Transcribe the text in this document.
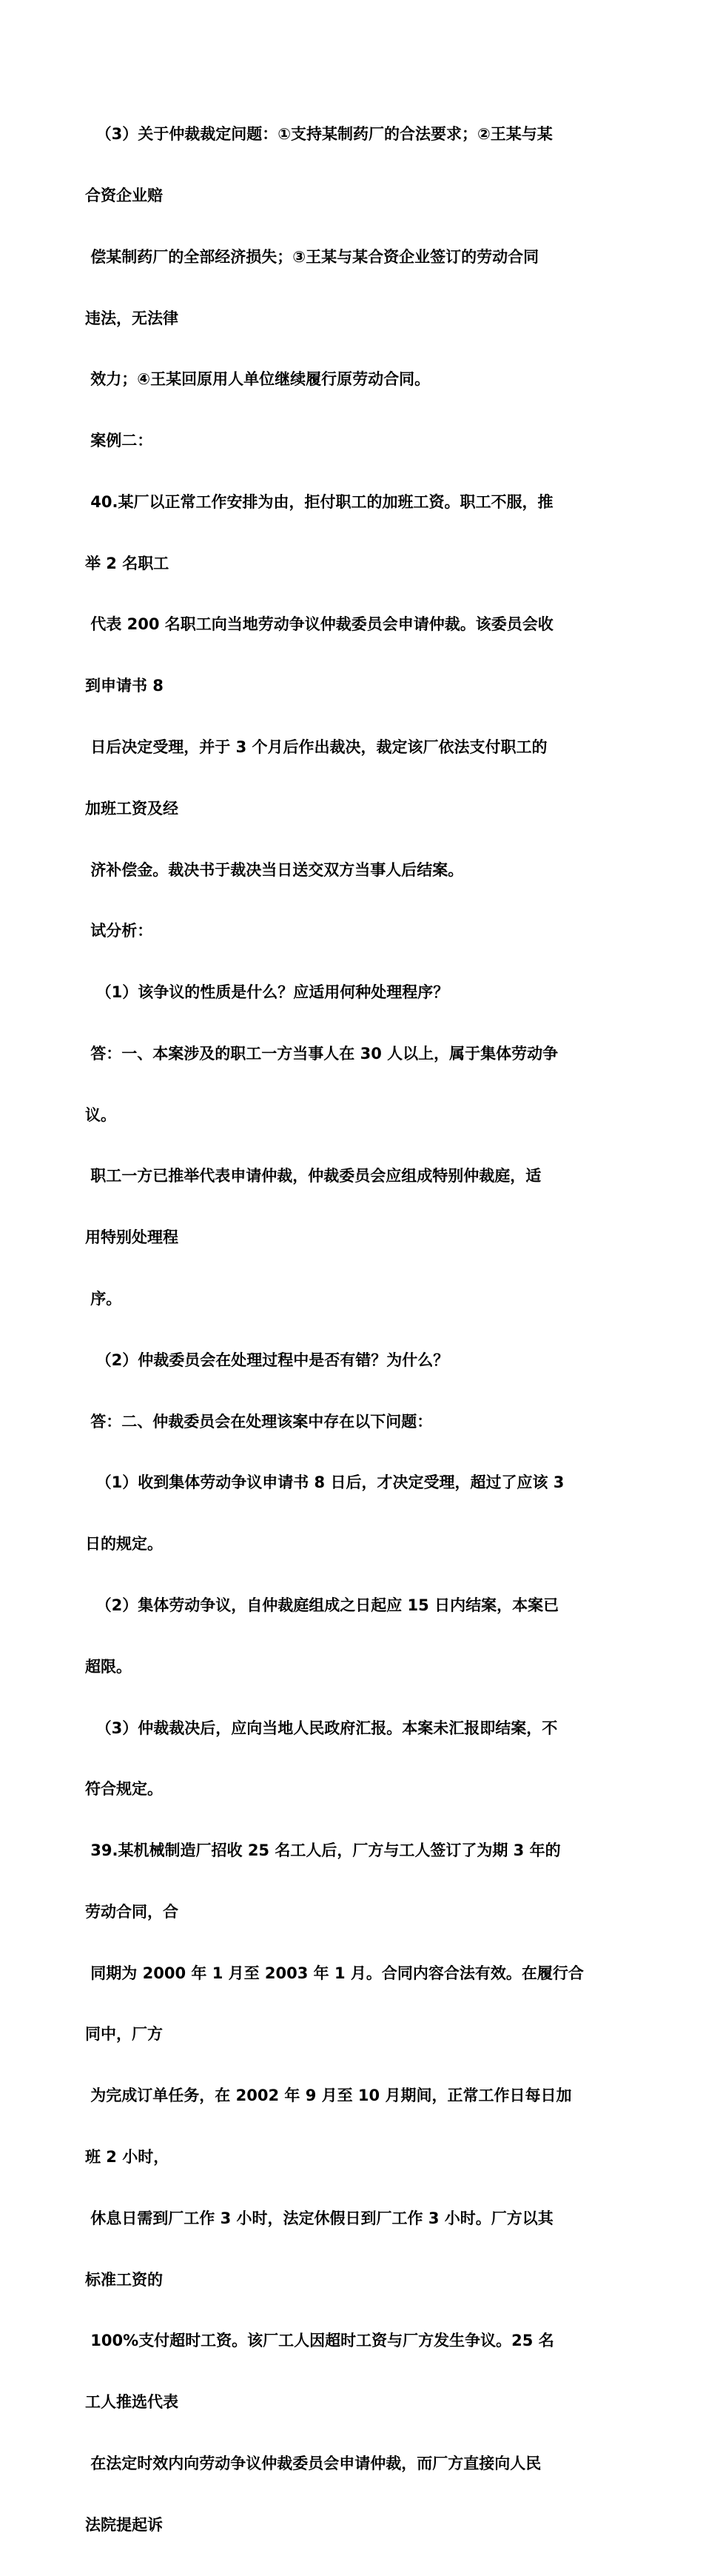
（3）关于仲裁裁定问题：①支持某制药厂的合法要求；②王某与某

合资企业赔

偿某制药厂的全部经济损失；③王某与某合资企业签订的劳动合同

违法，无法律

效力；④王某回原用人单位继续履行原劳动合同。

案例二：

40.某厂以正常工作安排为由，拒付职工的加班工资。职工不服，推

举 2 名职工

代表 200 名职工向当地劳动争议仲裁委员会申请仲裁。该委员会收

到申请书 8

日后决定受理，并于 3 个月后作出裁决，裁定该厂依法支付职工的

加班工资及经

济补偿金。裁决书于裁决当日送交双方当事人后结案。

试分析：

（1）该争议的性质是什么？应适用何种处理程序？

答：一、本案涉及的职工一方当事人在 30 人以上，属于集体劳动争

议。

职工一方已推举代表申请仲裁，仲裁委员会应组成特别仲裁庭，适

用特别处理程

序。

（2）仲裁委员会在处理过程中是否有错？为什么？

答：二、仲裁委员会在处理该案中存在以下问题：

（1）收到集体劳动争议申请书 8 日后，才决定受理，超过了应该 3

日的规定。

（2）集体劳动争议，自仲裁庭组成之日起应 15 日内结案，本案已

超限。

（3）仲裁裁决后，应向当地人民政府汇报。本案未汇报即结案，不

符合规定。

39.某机械制造厂招收 25 名工人后，厂方与工人签订了为期 3 年的

劳动合同，合

同期为 2000 年 1 月至 2003 年 1 月。合同内容合法有效。在履行合

同中，厂方

为完成订单任务，在 2002 年 9 月至 10 月期间，正常工作日每日加

班 2 小时，

休息日需到厂工作 3 小时，法定休假日到厂工作 3 小时。厂方以其

标准工资的

100%支付超时工资。该厂工人因超时工资与厂方发生争议。25 名

工人推选代表

在法定时效内向劳动争议仲裁委员会申请仲裁，而厂方直接向人民

法院提起诉
